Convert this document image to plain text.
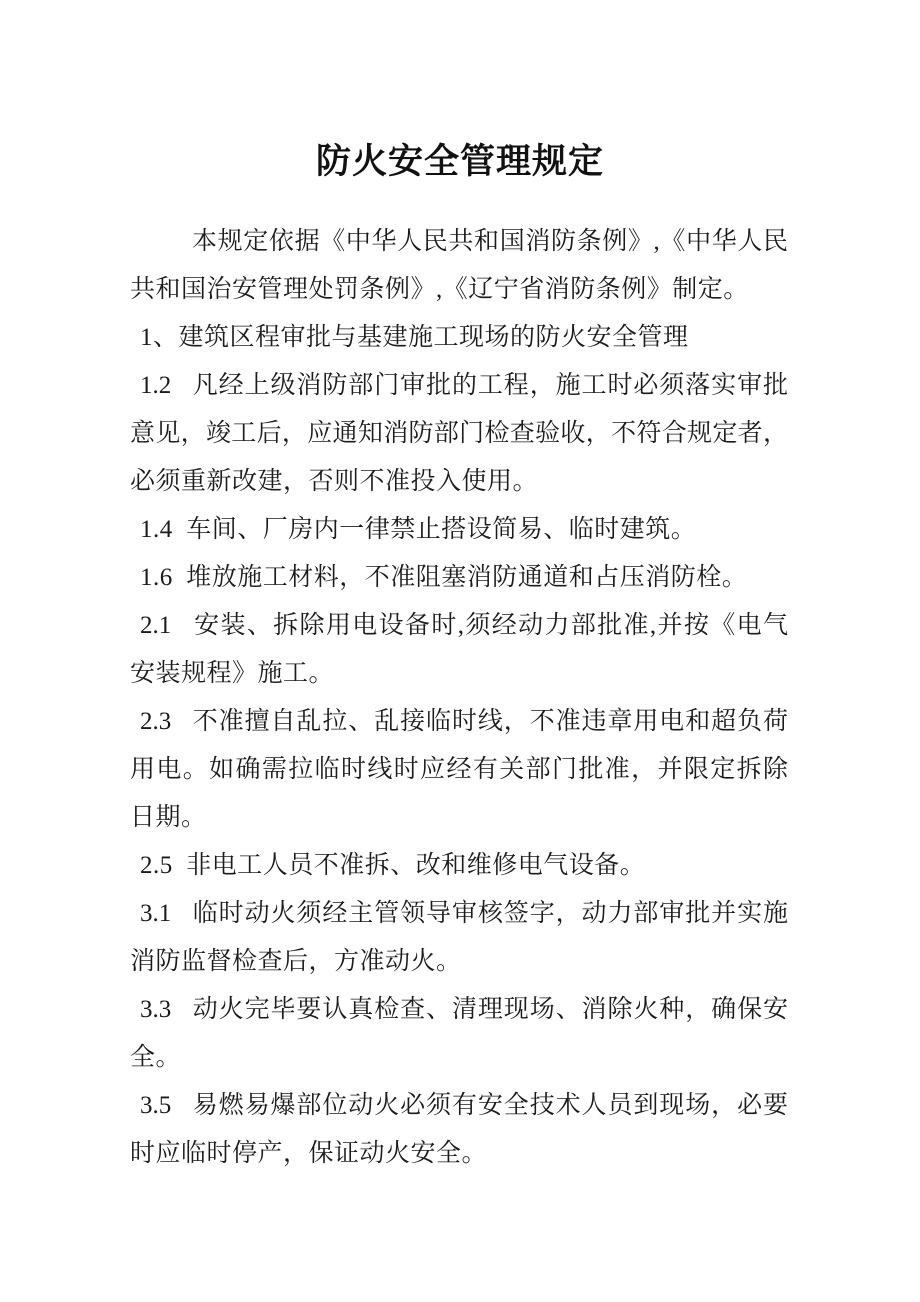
防火安全管理规定
本规定依据《中华人民共和国消防条例》,《中华人民
共和国治安管理处罚条例》,《辽宁省消防条例》制定。
1、建筑区程审批与基建施工现场的防火安全管理
1.2   凡经上级消防部门审批的工程，施工时必须落实审批
意见，竣工后，应通知消防部门检查验收，不符合规定者，
必须重新改建，否则不准投入使用。
1.4  车间、厂房内一律禁止搭设简易、临时建筑。
1.6  堆放施工材料，不准阻塞消防通道和占压消防栓。
2.1   安装、拆除用电设备时,须经动力部批准,并按《电气
安装规程》施工。
2.3   不准擅自乱拉、乱接临时线，不准违章用电和超负荷
用电。如确需拉临时线时应经有关部门批准，并限定拆除
日期。
2.5  非电工人员不准拆、改和维修电气设备。
3.1   临时动火须经主管领导审核签字，动力部审批并实施
消防监督检查后，方准动火。
3.3   动火完毕要认真检查、清理现场、消除火种，确保安
全。
3.5   易燃易爆部位动火必须有安全技术人员到现场，必要
时应临时停产，保证动火安全。
